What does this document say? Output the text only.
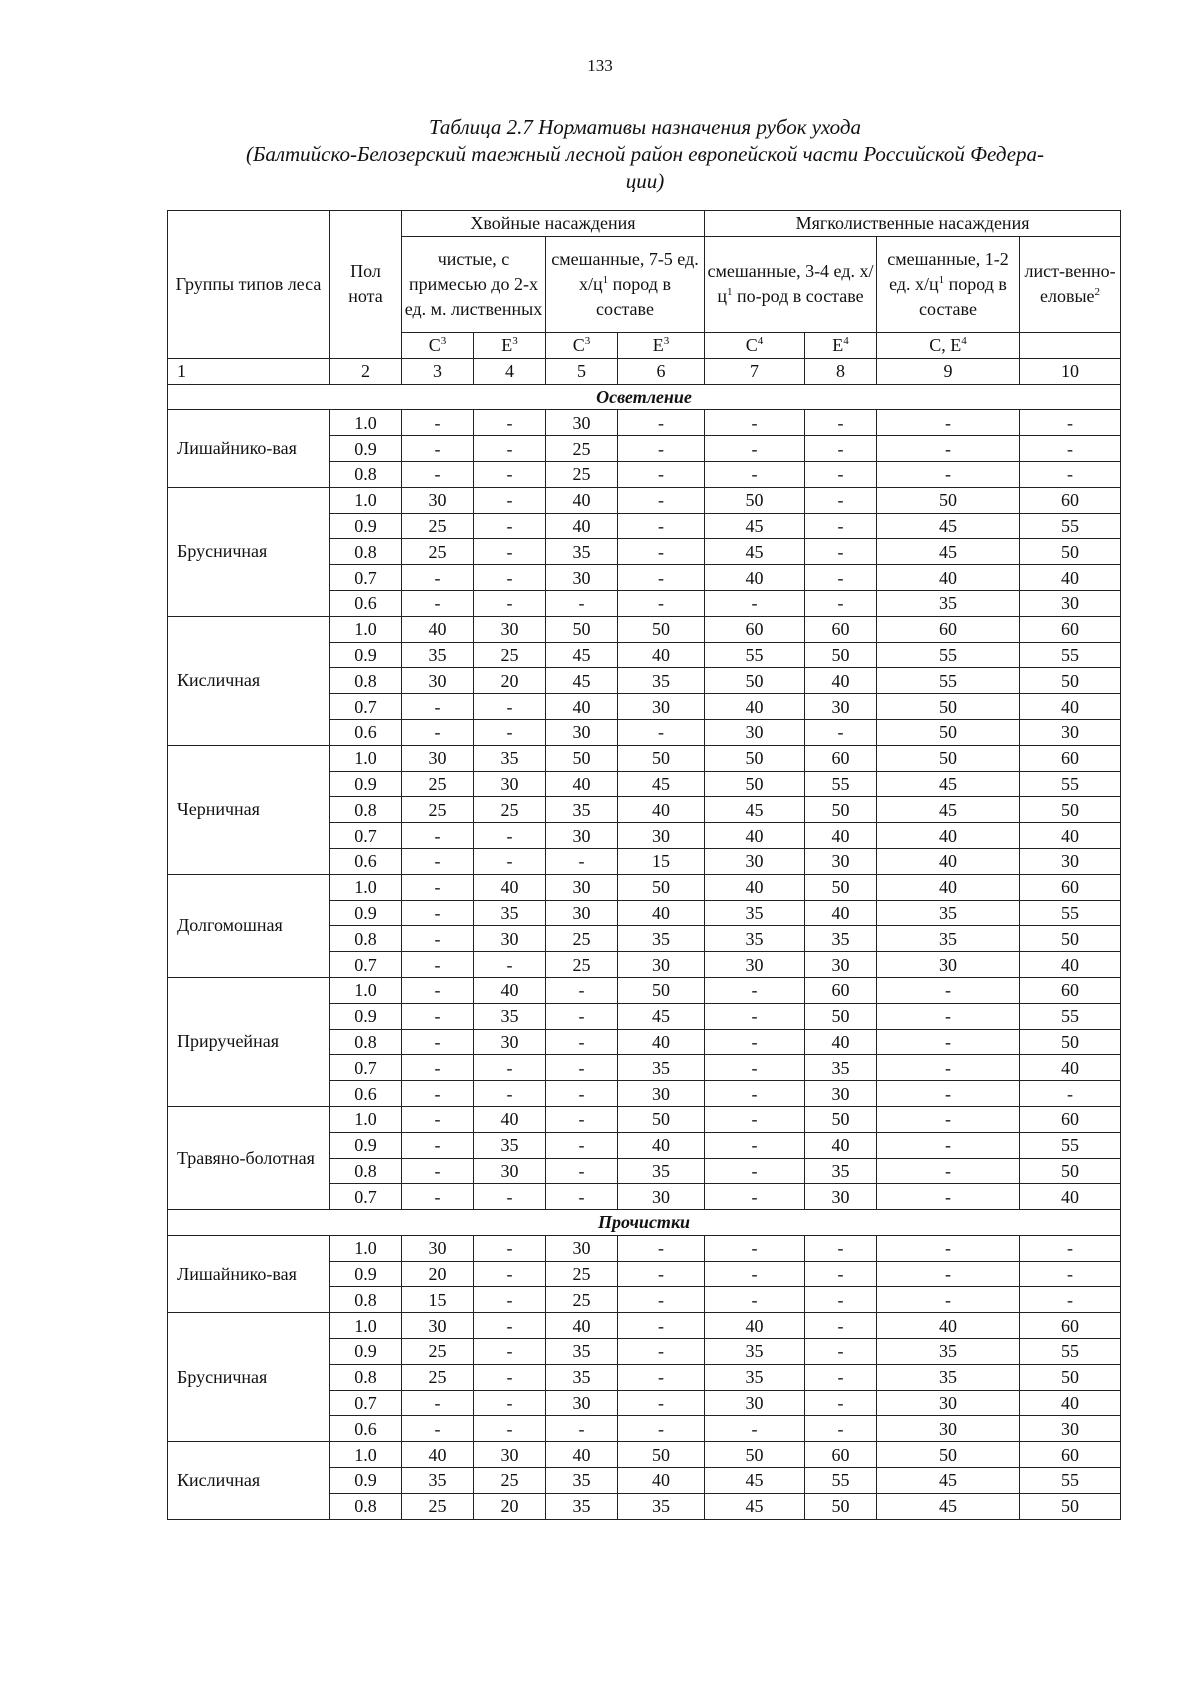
133
Таблица 2.7 Нормативы назначения рубок ухода
(Балтийско-Белозерский таежный лесной район европейской части Российской Федера-
ции)
Группы типов леса	Пол нота	Хвойные насаждения				Мягколиственные насаждения			
		чистые, с примесью до 2-х ед. м. лиственных		смешанные, 7-5 ед. $х/ц^1$ пород в составе		смешанные, 3-4 ед. $х/ц^1$ по-род в составе		смешанные, 1-2 ед. $х/ц^1$ пород в составе	лист-венно-еловые$^2$
		$С^3$	$Е^3$	$С^3$	$Е^3$	$С^4$	$Е^4$	С, $Е^4$	
1	2	3	4	5	6	7	8	9	10
Осветление									
Лишайнико-вая	1.0	-	-	30	-	-	-	-	-
	0.9	-	-	25	-	-	-	-	-
	0.8	-	-	25	-	-	-	-	-
Брусничная	1.0	30	-	40	-	50	-	50	60
	0.9	25	-	40	-	45	-	45	55
	0.8	25	-	35	-	45	-	45	50
	0.7	-	-	30	-	40	-	40	40
	0.6	-	-	-	-	-	-	35	30
Кисличная	1.0	40	30	50	50	60	60	60	60
	0.9	35	25	45	40	55	50	55	55
	0.8	30	20	45	35	50	40	55	50
	0.7	-	-	40	30	40	30	50	40
	0.6	-	-	30	-	30	-	50	30
Черничная	1.0	30	35	50	50	50	60	50	60
	0.9	25	30	40	45	50	55	45	55
	0.8	25	25	35	40	45	50	45	50
	0.7	-	-	30	30	40	40	40	40
	0.6	-	-	-	15	30	30	40	30
Долгомошная	1.0	-	40	30	50	40	50	40	60
	0.9	-	35	30	40	35	40	35	55
	0.8	-	30	25	35	35	35	35	50
	0.7	-	-	25	30	30	30	30	40
Приручейная	1.0	-	40	-	50	-	60	-	60
	0.9	-	35	-	45	-	50	-	55
	0.8	-	30	-	40	-	40	-	50
	0.7	-	-	-	35	-	35	-	40
	0.6	-	-	-	30	-	30	-	-
Травяно-болотная	1.0	-	40	-	50	-	50	-	60
	0.9	-	35	-	40	-	40	-	55
	0.8	-	30	-	35	-	35	-	50
	0.7	-	-	-	30	-	30	-	40
Прочистки									
Лишайнико-вая	1.0	30	-	30	-	-	-	-	-
	0.9	20	-	25	-	-	-	-	-
	0.8	15	-	25	-	-	-	-	-
Брусничная	1.0	30	-	40	-	40	-	40	60
	0.9	25	-	35	-	35	-	35	55
	0.8	25	-	35	-	35	-	35	50
	0.7	-	-	30	-	30	-	30	40
	0.6	-	-	-	-	-	-	30	30
Кисличная	1.0	40	30	40	50	50	60	50	60
	0.9	35	25	35	40	45	55	45	55
	0.8	25	20	35	35	45	50	45	50
